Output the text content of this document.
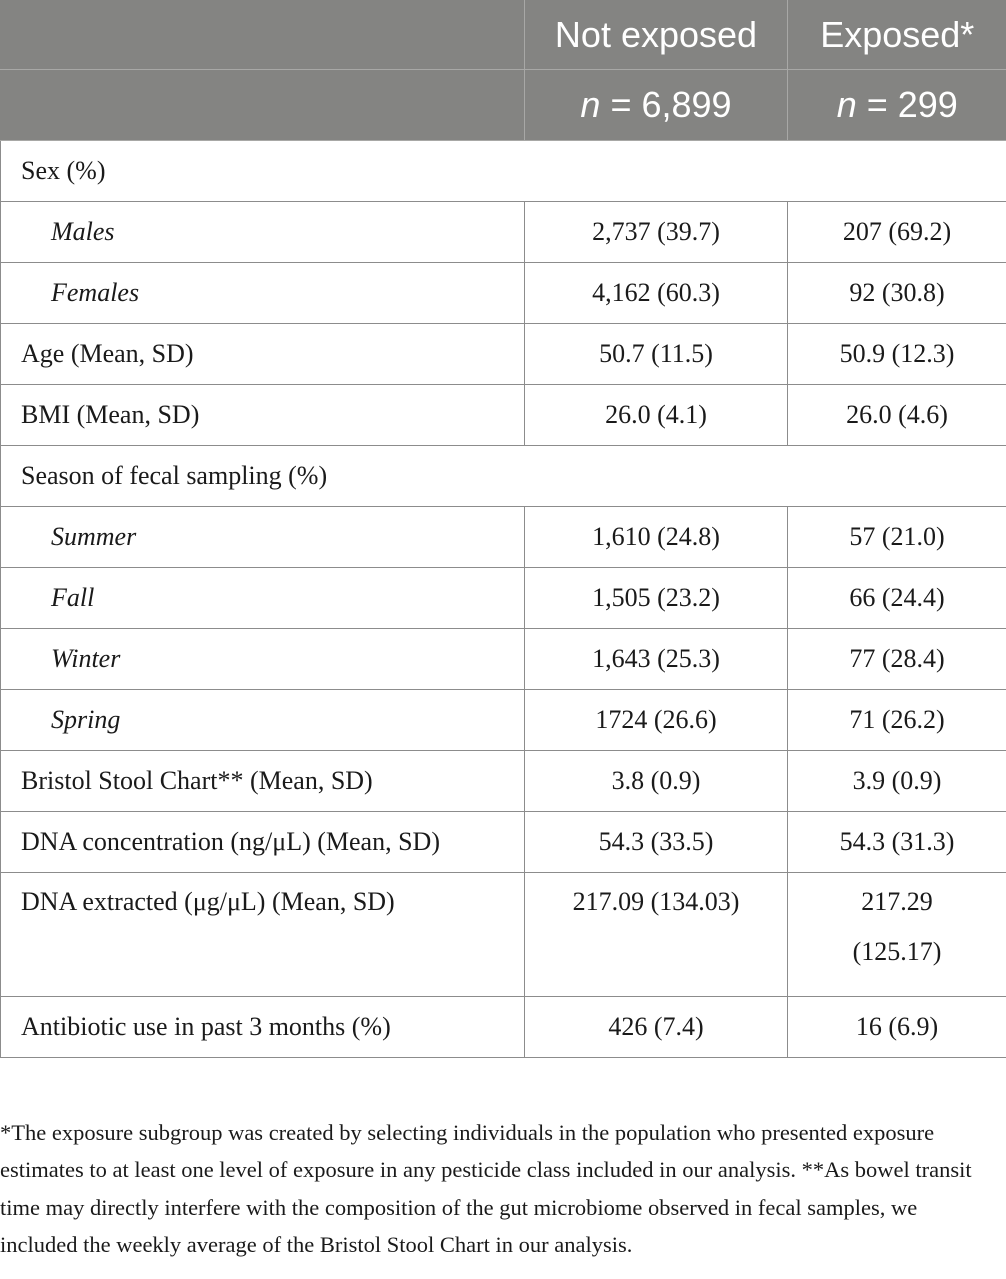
	Not exposed	Exposed*
	n = 6,899	n = 299
Sex (%)		
Males	2,737 (39.7)	207 (69.2)
Females	4,162 (60.3)	92 (30.8)
Age (Mean, SD)	50.7 (11.5)	50.9 (12.3)
BMI (Mean, SD)	26.0 (4.1)	26.0 (4.6)
Season of fecal sampling (%)		
Summer	1,610 (24.8)	57 (21.0)
Fall	1,505 (23.2)	66 (24.4)
Winter	1,643 (25.3)	77 (28.4)
Spring	1724 (26.6)	71 (26.2)
Bristol Stool Chart** (Mean, SD)	3.8 (0.9)	3.9 (0.9)
DNA concentration (ng/μL) (Mean, SD)	54.3 (33.5)	54.3 (31.3)
DNA extracted (μg/μL) (Mean, SD)	217.09 (134.03)	217.29
(125.17)

Antibiotic use in past 3 months (%)	426 (7.4)	16 (6.9)

*The exposure subgroup was created by selecting individuals in the population who presented exposure estimates to at least one level of exposure in any pesticide class included in our analysis. **As bowel transit time may directly interfere with the composition of the gut microbiome observed in fecal samples, we included the weekly average of the Bristol Stool Chart in our analysis.
